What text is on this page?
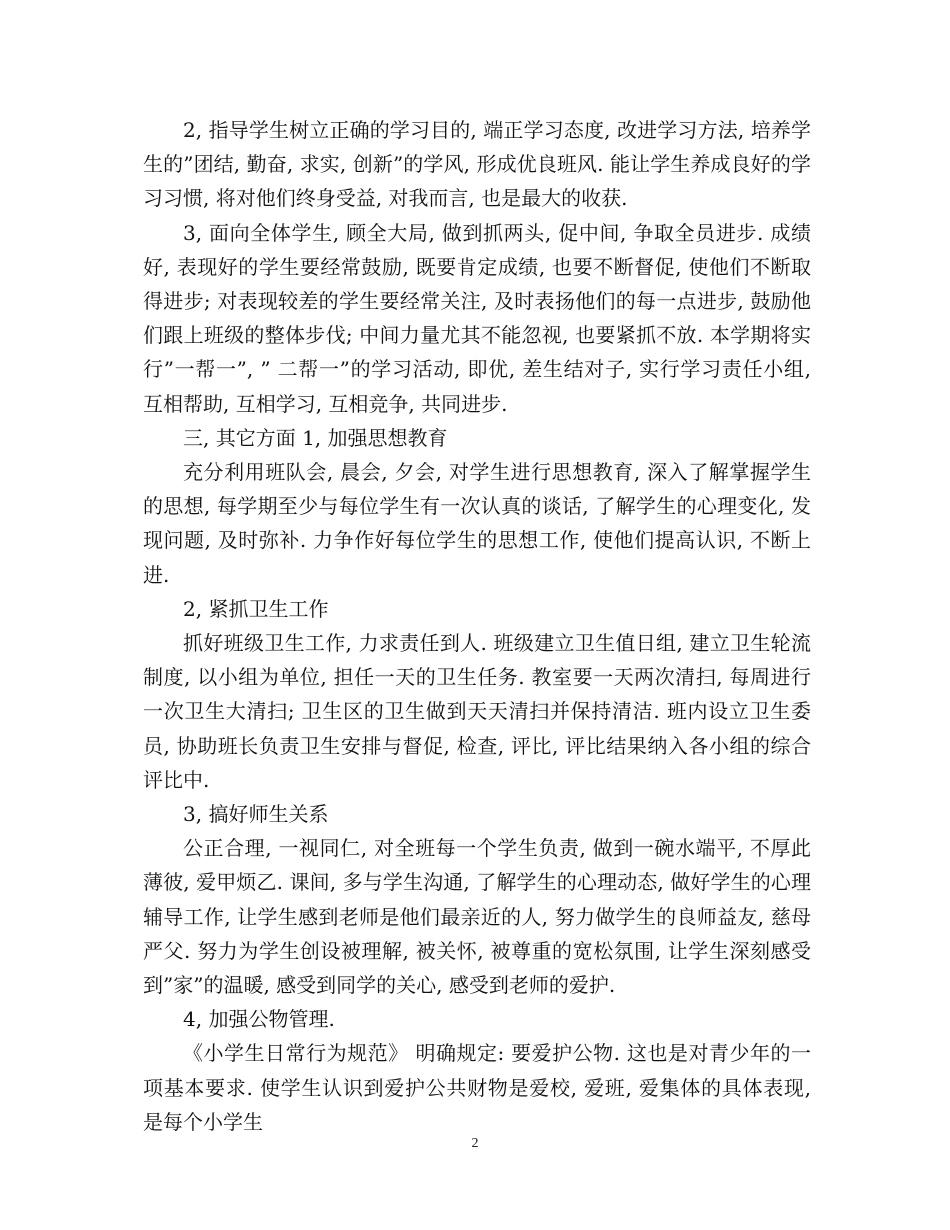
2, 指导学生树立正确的学习目的, 端正学习态度, 改进学习方法, 培养学生的”团结, 勤奋, 求实, 创新”的学风, 形成优良班风. 能让学生养成良好的学习习惯, 将对他们终身受益, 对我而言, 也是最大的收获.

3, 面向全体学生, 顾全大局, 做到抓两头, 促中间, 争取全员进步. 成绩好, 表现好的学生要经常鼓励, 既要肯定成绩, 也要不断督促, 使他们不断取得进步; 对表现较差的学生要经常关注, 及时表扬他们的每一点进步, 鼓励他们跟上班级的整体步伐; 中间力量尤其不能忽视, 也要紧抓不放. 本学期将实行”一帮一”, ” 二帮一”的学习活动, 即优, 差生结对子, 实行学习责任小组, 互相帮助, 互相学习, 互相竞争, 共同进步.

三, 其它方面 1, 加强思想教育

充分利用班队会, 晨会, 夕会, 对学生进行思想教育, 深入了解掌握学生的思想, 每学期至少与每位学生有一次认真的谈话, 了解学生的心理变化, 发现问题, 及时弥补. 力争作好每位学生的思想工作, 使他们提高认识, 不断上进.

2, 紧抓卫生工作

抓好班级卫生工作, 力求责任到人. 班级建立卫生值日组, 建立卫生轮流制度, 以小组为单位, 担任一天的卫生任务. 教室要一天两次清扫, 每周进行一次卫生大清扫; 卫生区的卫生做到天天清扫并保持清洁. 班内设立卫生委员, 协助班长负责卫生安排与督促, 检查, 评比, 评比结果纳入各小组的综合评比中.

3, 搞好师生关系

公正合理, 一视同仁, 对全班每一个学生负责, 做到一碗水端平, 不厚此薄彼, 爱甲烦乙. 课间, 多与学生沟通, 了解学生的心理动态, 做好学生的心理辅导工作, 让学生感到老师是他们最亲近的人, 努力做学生的良师益友, 慈母严父. 努力为学生创设被理解, 被关怀, 被尊重的宽松氛围, 让学生深刻感受到”家”的温暖, 感受到同学的关心, 感受到老师的爱护.

4, 加强公物管理.

《小学生日常行为规范》 明确规定: 要爱护公物. 这也是对青少年的一项基本要求. 使学生认识到爱护公共财物是爱校, 爱班, 爱集体的具体表现, 是每个小学生

2
